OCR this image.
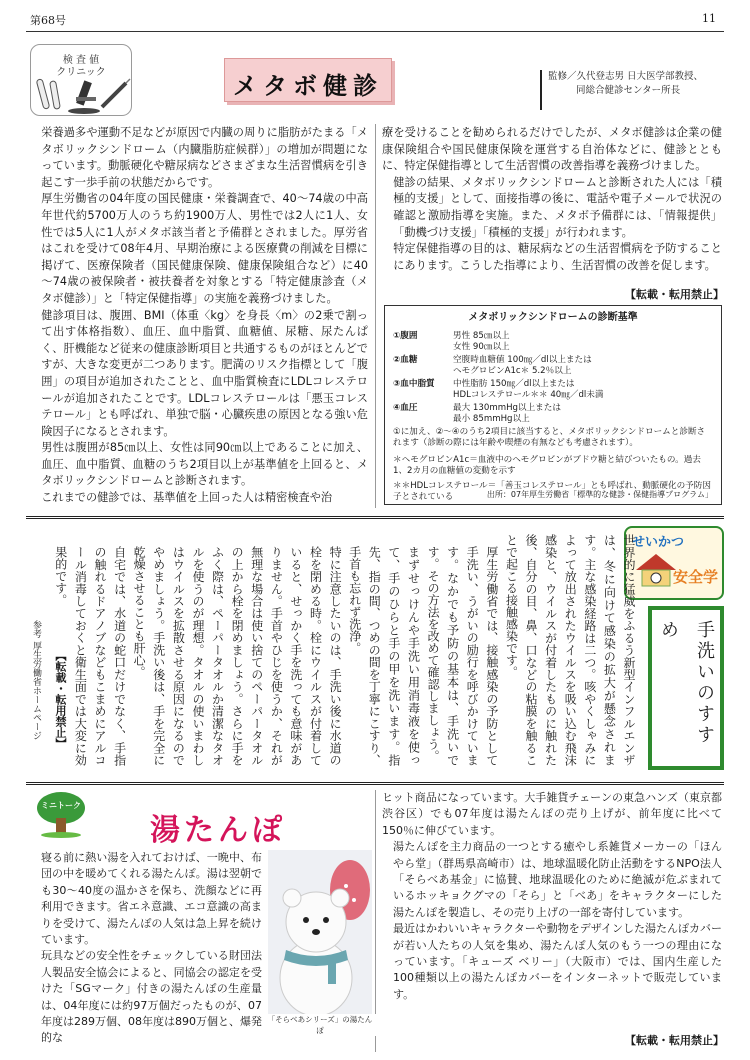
第68号	11
検 査 値
クリニック	メタボ健診	監修／久代登志男 日大医学部教授、
同総合健診センター所長

栄養過多や運動不足などが原因で内臓の周りに脂肪がたまる「メタボリックシンドローム（内臓脂肪症候群）」の増加が問題になっています。動脈硬化や糖尿病などさまざまな生活習慣病を引き起こす一歩手前の状態だからです。

厚生労働省の04年度の国民健康・栄養調査で、40～74歳の中高年世代約5700万人のうち約1900万人、男性では2人に1人、女性では5人に1人がメタボ該当者と予備群とされました。厚労省はこれを受けて08年4月、早期治療による医療費の削減を目標に掲げて、医療保険者（国民健康保険、健康保険組合など）に40～74歳の被保険者・被扶養者を対象とする「特定健康診査（メタボ健診）」と「特定保健指導」の実施を義務づけました。

健診項目は、腹囲、BMI（体重〈kg〉を身長〈m〉の2乗で割って出す体格指数）、血圧、血中脂質、血糖値、尿糖、尿たんぱく、肝機能など従来の健康診断項目と共通するものがほとんどですが、大きな変更が二つあります。肥満のリスク指標として「腹囲」の項目が追加されたことと、血中脂質検査にLDLコレステロールが追加されたことです。LDLコレステロールは「悪玉コレステロール」とも呼ばれ、単独で脳・心臓疾患の原因となる強い危険因子になるとされます。

男性は腹囲が85㎝以上、女性は同90㎝以上であることに加え、血圧、血中脂質、血糖のうち2項目以上が基準値を上回ると、メタボリックシンドロームと診断されます。

これまでの健診では、基準値を上回った人は精密検査や治

療を受けることを勧められるだけでしたが、メタボ健診は企業の健康保険組合や国民健康保険を運営する自治体などに、健診とともに、特定保健指導として生活習慣の改善指導を義務づけました。

健診の結果、メタボリックシンドロームと診断された人には「積極的支援」として、面接指導の後に、電話や電子メールで状況の確認と激励指導を実施。また、メタボ予備群には、「情報提供」「動機づけ支援」「積極的支援」が行われます。

特定保健指導の目的は、糖尿病などの生活習慣病を予防することにあります。こうした指導により、生活習慣の改善を促します。

【転載・転用禁止】
メタボリックシンドロームの診断基準
①腹囲	男性 85㎝以上
女性 90㎝以上
②血糖	空腹時血糖値 100㎎／dl以上または
ヘモグロビンA1c＊ 5.2％以上
③血中脂質	中性脂肪 150㎎／dl以上または
HDLコレステロール＊＊ 40㎎／dl未満
④血圧	最大 130mmHg以上または
最小 85mmHg以上
①に加え、②～④のうち2項目に該当すると、メタボリックシンドロームと診断されます（診断の際には年齢や喫煙の有無なども考慮されます）。
＊ヘモグロビンA1c＝血液中のヘモグロビンがブドウ糖と結びついたもの。過去1、2カ月の血糖値の変動を示す
＊＊HDLコレステロール＝「善玉コレステロール」とも呼ばれ、動脈硬化の予防因子とされている	出所：07年厚生労働省「標準的な健診・保健指導プログラム」
せいかつ
安全学
手洗いのすすめ

世界的に猛威をふるう新型インフルエンザは、冬に向けて感染の拡大が懸念されます。主な感染経路は二つ。咳やくしゃみによって放出されたウイルスを吸い込む飛沫感染と、ウイルスが付着したものに触れた後、自分の目、鼻、口などの粘膜を触ることで起こる接触感染です。

厚生労働省では、接触感染の予防として手洗い、うがいの励行を呼びかけています。なかでも予防の基本は、手洗いです。その方法を改めて確認しましょう。

まずせっけんや手洗い用消毒液を使って、手のひらと手の甲を洗います。指先、指の間、つめの間を丁寧にこすり、手首も忘れず洗浄。

特に注意したいのは、手洗い後に水道の栓を閉める時。栓にウイルスが付着していると、せっかく手を洗っても意味がありません。手首やひじを使うか、それが無理な場合は使い捨てのペーパータオルの上から栓を閉めましょう。さらに手をふく際は、ペーパータオルか清潔なタオルを使うのが理想。タオルの使いまわしはウイルスを拡散させる原因になるのでやめましょう。手洗い後は、手を完全に乾燥させることも肝心。

自宅では、水道の蛇口だけでなく、手指の触れるドアノブなどもこまめにアルコール消毒しておくと衛生面では大変に効果的です。

参考 厚生労働省ホームページ 【転載・転用禁止】
ミニトーク
湯たんぽ

寝る前に熱い湯を入れておけば、一晩中、布団の中を暖めてくれる湯たんぽ。湯は翌朝でも30～40度の温かさを保ち、洗顔などに再利用できます。省エネ意識、エコ意識の高まりを受けて、湯たんぽの人気は急上昇を続けています。

玩具などの安全性をチェックしている財団法人製品安全協会によると、同協会の認定を受けた「SGマーク」付きの湯たんぽの生産量は、04年度には約97万個だったものが、07年度は289万個、08年度は890万個と、爆発的な

「そらべあシリーズ」の湯たんぽ

ヒット商品になっています。大手雑貨チェーンの東急ハンズ（東京都渋谷区）でも07年度は湯たんぽの売り上げが、前年度に比べて150％に伸びています。

湯たんぽを主力商品の一つとする癒やし系雑貨メーカーの「ほんやら堂」（群馬県高崎市）は、地球温暖化防止活動をするNPO法人「そらべあ基金」に協賛、地球温暖化のために絶滅が危ぶまれているホッキョクグマの「そら」と「べあ」をキャラクターにした湯たんぽを製造し、その売り上げの一部を寄付しています。

最近はかわいいキャラクターや動物をデザインした湯たんぽカバーが若い人たちの人気を集め、湯たんぽ人気のもう一つの理由になっています。「キューズ ベリー」（大阪市）では、国内生産した100種類以上の湯たんぽカバーをインターネットで販売しています。

【転載・転用禁止】
